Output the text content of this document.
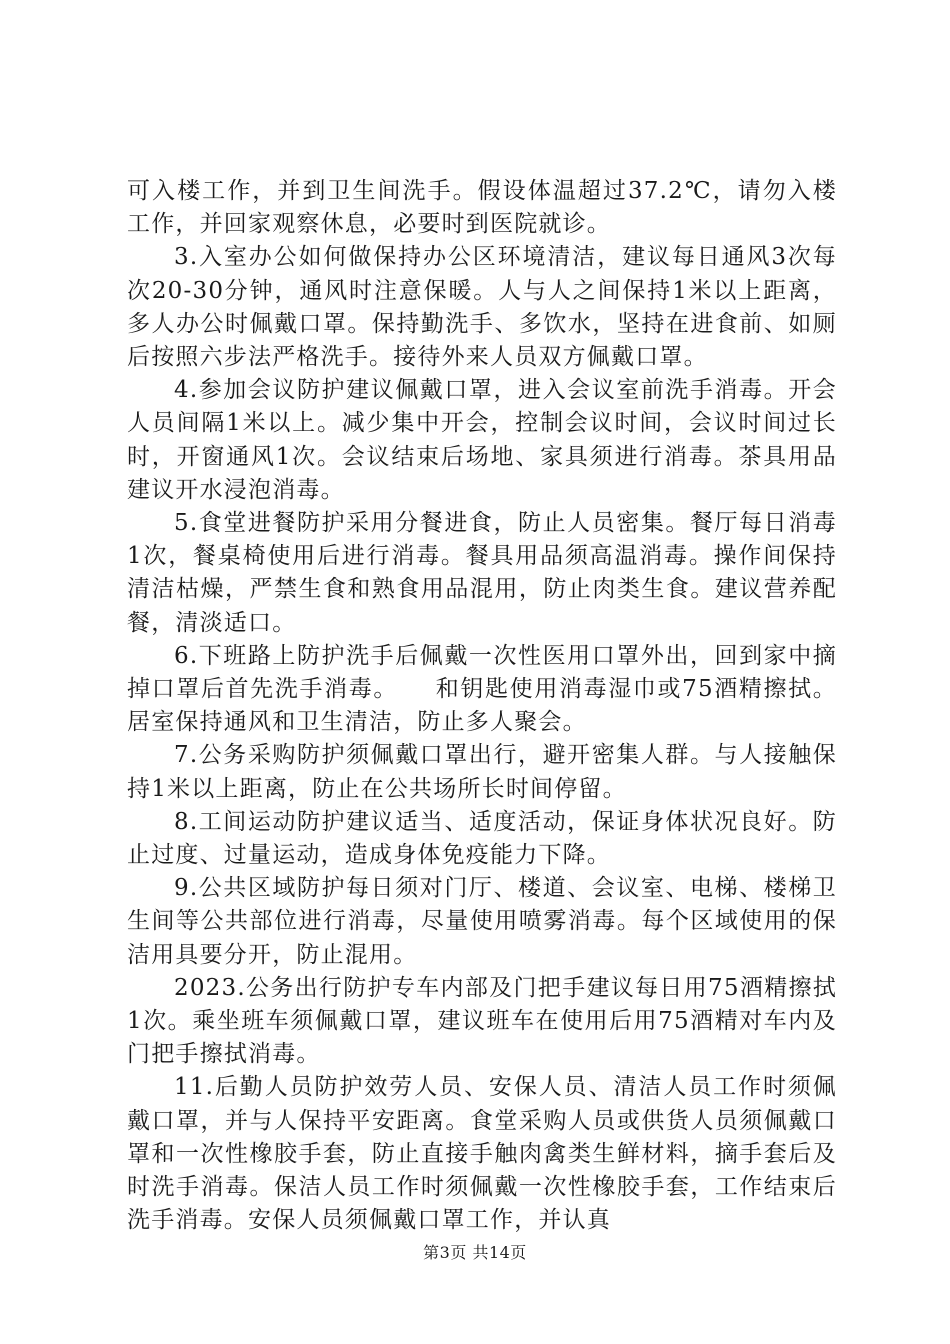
可入楼工作，并到卫生间洗手。假设体温超过37.2℃，请勿入楼工作，并回家观察休息，必要时到医院就诊。

3.入室办公如何做保持办公区环境清洁，建议每日通风3次每次20-30分钟，通风时注意保暖。人与人之间保持1米以上距离，多人办公时佩戴口罩。保持勤洗手、多饮水，坚持在进食前、如厕后按照六步法严格洗手。接待外来人员双方佩戴口罩。

4.参加会议防护建议佩戴口罩，进入会议室前洗手消毒。开会人员间隔1米以上。减少集中开会，控制会议时间，会议时间过长时，开窗通风1次。会议结束后场地、家具须进行消毒。茶具用品建议开水浸泡消毒。

5.食堂进餐防护采用分餐进食，防止人员密集。餐厅每日消毒1次，餐桌椅使用后进行消毒。餐具用品须高温消毒。操作间保持清洁枯燥，严禁生食和熟食用品混用，防止肉类生食。建议营养配餐，清淡适口。

6.下班路上防护洗手后佩戴一次性医用口罩外出，回到家中摘掉口罩后首先洗手消毒。　　和钥匙使用消毒湿巾或75酒精擦拭。居室保持通风和卫生清洁，防止多人聚会。

7.公务采购防护须佩戴口罩出行，避开密集人群。与人接触保持1米以上距离，防止在公共场所长时间停留。

8.工间运动防护建议适当、适度活动，保证身体状况良好。防止过度、过量运动，造成身体免疫能力下降。

9.公共区域防护每日须对门厅、楼道、会议室、电梯、楼梯卫生间等公共部位进行消毒，尽量使用喷雾消毒。每个区域使用的保洁用具要分开，防止混用。

2023.公务出行防护专车内部及门把手建议每日用75酒精擦拭1次。乘坐班车须佩戴口罩，建议班车在使用后用75酒精对车内及门把手擦拭消毒。

11.后勤人员防护效劳人员、安保人员、清洁人员工作时须佩戴口罩，并与人保持平安距离。食堂采购人员或供货人员须佩戴口罩和一次性橡胶手套，防止直接手触肉禽类生鲜材料，摘手套后及时洗手消毒。保洁人员工作时须佩戴一次性橡胶手套，工作结束后洗手消毒。安保人员须佩戴口罩工作，并认真

第3页 共14页
